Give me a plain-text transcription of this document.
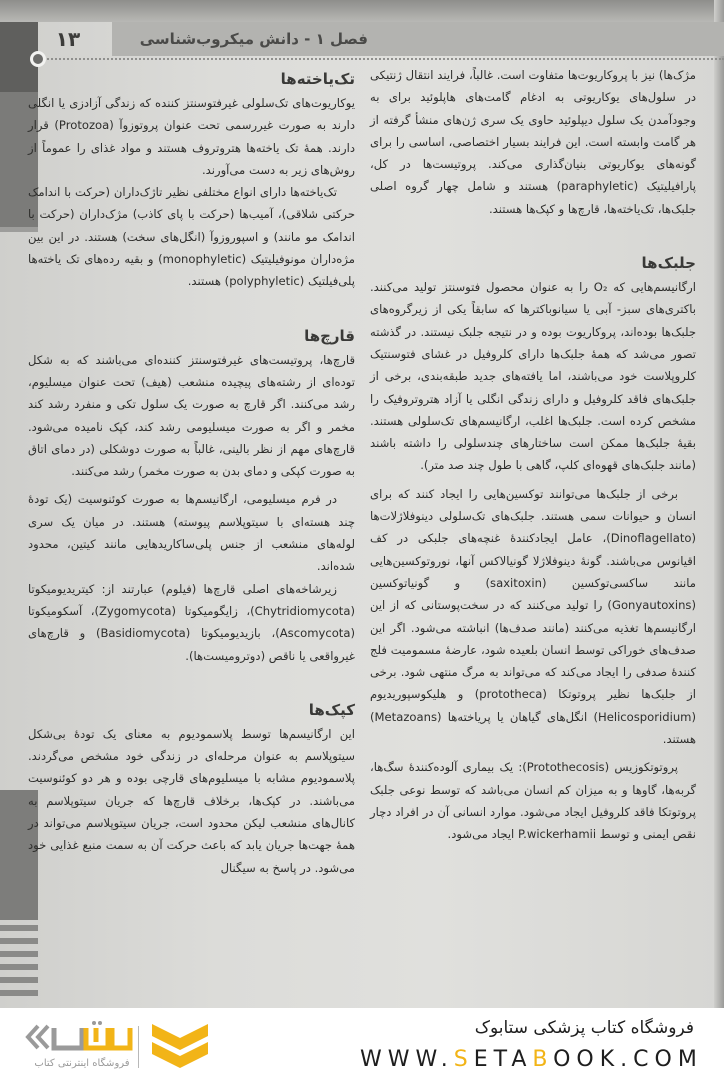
فصل ۱ - دانش میکروب‌شناسی
۱۳

مژک‌ها) نیز با پروکاریوت‌ها متفاوت است. غالباً، فرایند انتقال ژنتیکی در سلول‌های یوکاریوتی به ادغام گامت‌های هاپلوئید برای به وجودآمدن یک سلول دیپلوئید حاوی یک سری ژن‌های منشأ گرفته از هر گامت وابسته است. این فرایند بسیار اختصاصی، اساسی را برای گونه‌های یوکاریوتی بنیان‌گذاری می‌کند. پروتیست‌ها در کل، پارافیلیتیک (paraphyletic) هستند و شامل چهار گروه اصلی جلبک‌ها، تک‌یاخته‌ها، قارچ‌ها و کپک‌ها هستند.

جلبک‌ها

ارگانیسم‌هایی که O₂ را به عنوان محصول فتوسنتز تولید می‌کنند. باکتری‌های سبز- آبی یا سیانوباکترها که سابقاً یکی از زیرگروه‌های جلبک‌ها بوده‌اند، پروکاریوت بوده و در نتیجه جلبک نیستند. در گذشته تصور می‌شد که همهٔ جلبک‌ها دارای کلروفیل در غشای فتوسنتیک کلروپلاست خود می‌باشند، اما یافته‌های جدید طبقه‌بندی، برخی از جلبک‌های فاقد کلروفیل و دارای زندگی انگلی یا آزاد هتروتروفیک را مشخص کرده است. جلبک‌ها اغلب، ارگانیسم‌های تک‌سلولی هستند. بقیهٔ جلبک‌ها ممکن است ساختارهای چندسلولی را داشته باشند (مانند جلبک‌های قهوه‌ای کلپ، گاهی با طول چند صد متر).

برخی از جلبک‌ها می‌توانند توکسین‌هایی را ایجاد کنند که برای انسان و حیوانات سمی هستند. جلبک‌های تک‌سلولی دینوفلاژلات‌ها (Dinoflagellato)، عامل ایجادکنندهٔ غنچه‌های جلبکی در کف اقیانوس می‌باشند. گونهٔ دینوفلاژلا گونیالاکس آنها، نوروتوکسین‌هایی مانند ساکسی‌توکسین (saxitoxin) و گونیاتوکسین (Gonyautoxins) را تولید می‌کنند که در سخت‌پوستانی که از این ارگانیسم‌ها تغذیه می‌کنند (مانند صدف‌ها) انباشته می‌شود. اگر این صدف‌های خوراکی توسط انسان بلعیده شود، عارضهٔ مسمومیت فلج کنندهٔ صدفی را ایجاد می‌کند که می‌تواند به مرگ منتهی شود. برخی از جلبک‌ها نظیر پروتوتکا (prototheca) و هلیکوسپوریدیوم (Helicosporidium) انگل‌های گیاهان یا پریاخته‌ها (Metazoans) هستند.

پروتوتکوزیس (Protothecosis): یک بیماری آلوده‌کنندهٔ سگ‌ها، گربه‌ها، گاوها و به میزان کم انسان می‌باشد که توسط نوعی جلبک پروتوتکا فاقد کلروفیل ایجاد می‌شود. موارد انسانی آن در افراد دچار نقص ایمنی و توسط P.wickerhamii ایجاد می‌شود.

تک‌یاخته‌ها

یوکاریوت‌های تک‌سلولی غیرفتوسنتز کننده که زندگی آزادزی یا انگلی دارند به صورت غیررسمی تحت عنوان پروتوزوآ (Protozoa) قرار دارند. همهٔ تک یاخته‌ها هتروتروف هستند و مواد غذای را عموماً از روش‌های زیر به دست می‌آورند.

تک‌یاخته‌ها دارای انواع مختلفی نظیر تاژک‌داران (حرکت با اندامک حرکتی شلاقی)، آمیب‌ها (حرکت با پای کاذب) مژک‌داران (حرکت با اندامک مو مانند) و اسپوروزوآ (انگل‌های سخت) هستند. در این بین مژه‌داران مونوفیلیتیک (monophyletic) و بقیه رده‌های تک یاخته‌ها پلی‌فیلتیک (polyphyletic) هستند.

قارچ‌ها

قارچ‌ها، پروتیست‌های غیرفتوسنتز کننده‌ای می‌باشند که به شکل توده‌ای از رشته‌های پیچیده منشعب (هیف) تحت عنوان میسلیوم، رشد می‌کنند. اگر قارچ به صورت یک سلول تکی و منفرد رشد کند مخمر و اگر به صورت میسلیومی رشد کند، کپک نامیده می‌شود. قارچ‌های مهم از نظر بالینی، غالباً به صورت دوشکلی (در دمای اتاق به صورت کپکی و دمای بدن به صورت مخمر) رشد می‌کنند.

در فرم میسلیومی، ارگانیسم‌ها به صورت کوئنوسیت (یک تودهٔ چند هسته‌ای با سیتوپلاسم پیوسته) هستند. در میان یک سری لوله‌های منشعب از جنس پلی‌ساکاریدهایی مانند کیتین، محدود شده‌اند.

زیرشاخه‌های اصلی قارچ‌ها (فیلوم) عبارتند از: کیتریدیومیکوتا (Chytridiomycota)، زایگومیکوتا (Zygomycota)، آسکومیکوتا (Ascomycota)، بازیدیومیکوتا (Basidiomycota) و قارچ‌های غیرواقعی یا ناقص (دوترومیست‌ها).

کپک‌ها

این ارگانیسم‌ها توسط پلاسمودیوم به معنای یک تودهٔ بی‌شکل سیتوپلاسم به عنوان مرحله‌ای در زندگی خود مشخص می‌گردند. پلاسمودیوم مشابه با میسلیوم‌های قارچی بوده و هر دو کوئنوسیت می‌باشند. در کپک‌ها، برخلاف قارچ‌ها که جریان سیتوپلاسم به کانال‌های منشعب لیکن محدود است، جریان سیتوپلاسم می‌تواند در همهٔ جهت‌ها جریان یابد که باعث حرکت آن به سمت منبع غذایی خود می‌شود. در پاسخ به سیگنال

فروشگاه کتاب پزشکی ستابوک
WWW.SETABOOK.COM
فروشگاه اینترنتی کتاب
